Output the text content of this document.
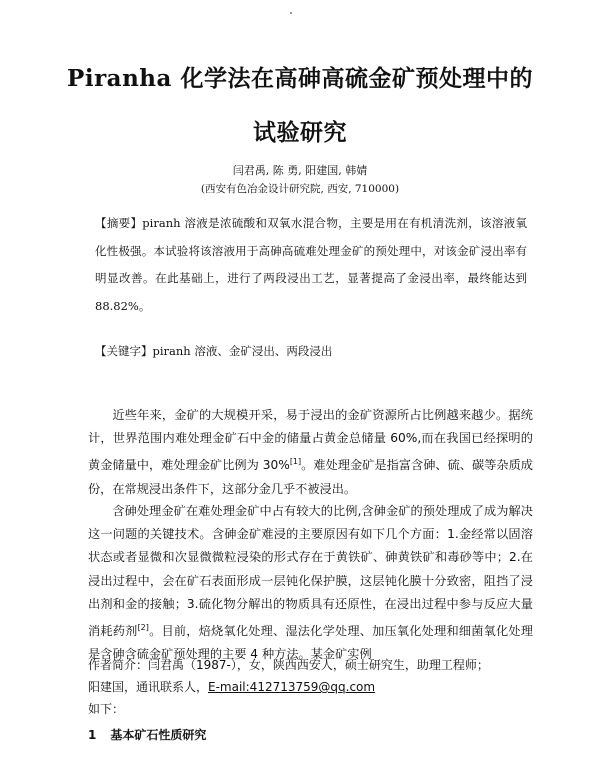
Piranha 化学法在高砷高硫金矿预处理中的
试验研究
闫君禹, 陈 勇, 阳建国, 韩婧
(西安有色冶金设计研究院, 西安, 710000)

【摘要】piranh 溶液是浓硫酸和双氧水混合物，主要是用在有机清洗剂，该溶液氧化性极强。本试验将该溶液用于高砷高硫难处理金矿的预处理中，对该金矿浸出率有明显改善。在此基础上，进行了两段浸出工艺，显著提高了金浸出率，最终能达到 88.82%。

【关键字】piranh 溶液、金矿浸出、两段浸出

近些年来，金矿的大规模开采，易于浸出的金矿资源所占比例越来越少。据统计，世界范围内难处理金矿石中金的储量占黄金总储量 60%,而在我国已经探明的黄金储量中，难处理金矿比例为 30%[1]。难处理金矿是指富含砷、硫、碳等杂质成份，在常规浸出条件下，这部分金几乎不被浸出。

含砷处理金矿在难处理金矿中占有较大的比例,含砷金矿的预处理成了成为解决这一问题的关键技术。含砷金矿难浸的主要原因有如下几个方面：1.金经常以固溶状态或者显微和次显微微粒浸染的形式存在于黄铁矿、砷黄铁矿和毒砂等中；2.在浸出过程中，会在矿石表面形成一层钝化保护膜，这层钝化膜十分致密，阻挡了浸出剂和金的接触；3.硫化物分解出的物质具有还原性，在浸出过程中参与反应大量消耗药剂[2]。目前，焙烧氧化处理、湿法化学处理、加压氧化处理和细菌氧化处理是含砷含硫金矿预处理的主要 4 种方法。某金矿实例

作者简介：闫君禹（1987-），女，陕西西安人，硕士研究生，助理工程师；
阳建国，通讯联系人，E-mail:412713759@qq.com
如下：
1 基本矿石性质研究
